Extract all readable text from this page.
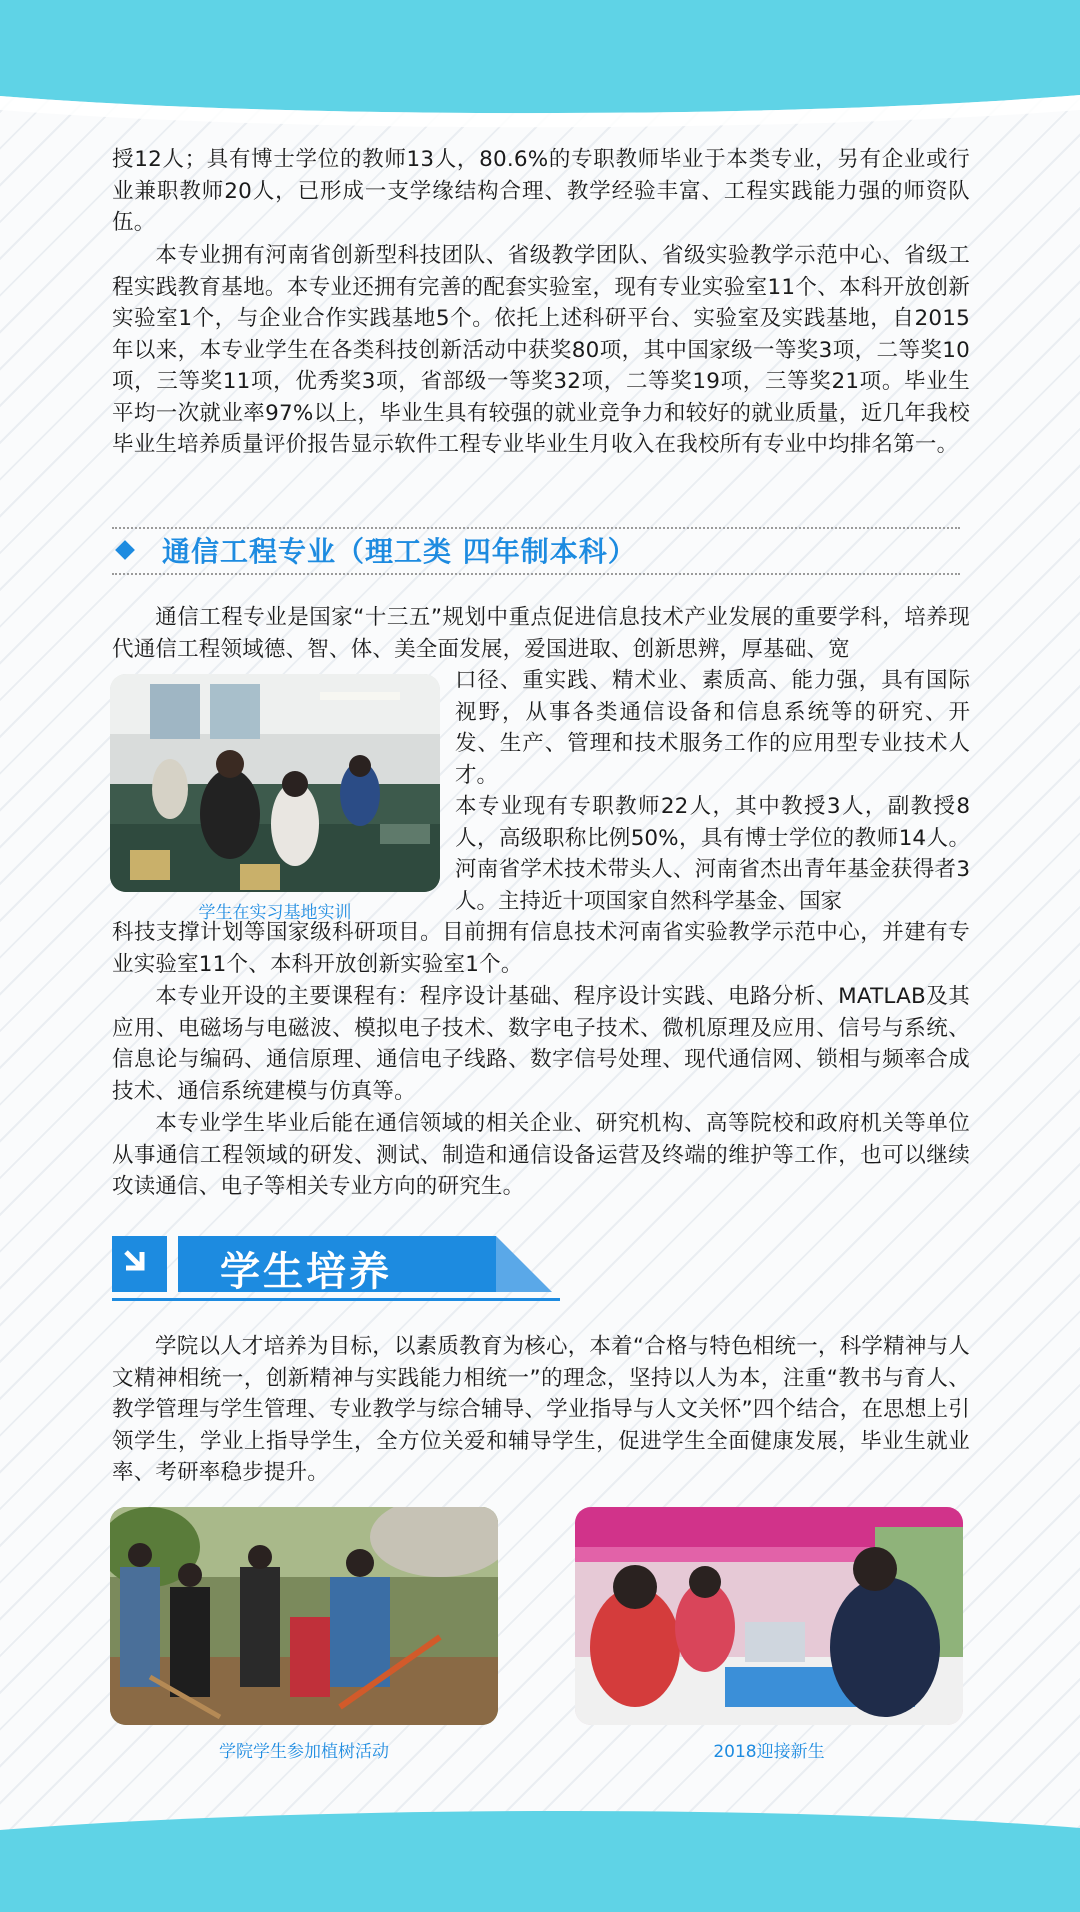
授12人；具有博士学位的教师13人，80.6%的专职教师毕业于本类专业，另有企业或行业兼职教师20人，已形成一支学缘结构合理、教学经验丰富、工程实践能力强的师资队伍。

本专业拥有河南省创新型科技团队、省级教学团队、省级实验教学示范中心、省级工程实践教育基地。本专业还拥有完善的配套实验室，现有专业实验室11个、本科开放创新实验室1个，与企业合作实践基地5个。依托上述科研平台、实验室及实践基地，自2015年以来，本专业学生在各类科技创新活动中获奖80项，其中国家级一等奖3项，二等奖10项，三等奖11项，优秀奖3项，省部级一等奖32项，二等奖19项，三等奖21项。毕业生平均一次就业率97%以上，毕业生具有较强的就业竞争力和较好的就业质量，近几年我校毕业生培养质量评价报告显示软件工程专业毕业生月收入在我校所有专业中均排名第一。

通信工程专业（理工类 四年制本科）

通信工程专业是国家“十三五”规划中重点促进信息技术产业发展的重要学科，培养现代通信工程领域德、智、体、美全面发展，爱国进取、创新思辨，厚基础、宽

学生在实习基地实训

口径、重实践、精术业、素质高、能力强，具有国际视野，从事各类通信设备和信息系统等的研究、开发、生产、管理和技术服务工作的应用型专业技术人才。

本专业现有专职教师22人，其中教授3人，副教授8人，高级职称比例50%，具有博士学位的教师14人。河南省学术技术带头人、河南省杰出青年基金获得者3人。主持近十项国家自然科学基金、国家

科技支撑计划等国家级科研项目。目前拥有信息技术河南省实验教学示范中心，并建有专业实验室11个、本科开放创新实验室1个。

本专业开设的主要课程有：程序设计基础、程序设计实践、电路分析、MATLAB及其应用、电磁场与电磁波、模拟电子技术、数字电子技术、微机原理及应用、信号与系统、信息论与编码、通信原理、通信电子线路、数字信号处理、现代通信网、锁相与频率合成技术、通信系统建模与仿真等。

本专业学生毕业后能在通信领域的相关企业、研究机构、高等院校和政府机关等单位从事通信工程领域的研发、测试、制造和通信设备运营及终端的维护等工作，也可以继续攻读通信、电子等相关专业方向的研究生。

学生培养

学院以人才培养为目标，以素质教育为核心，本着“合格与特色相统一，科学精神与人文精神相统一，创新精神与实践能力相统一”的理念，坚持以人为本，注重“教书与育人、教学管理与学生管理、专业教学与综合辅导、学业指导与人文关怀”四个结合，在思想上引领学生，学业上指导学生，全方位关爱和辅导学生，促进学生全面健康发展，毕业生就业率、考研率稳步提升。

学院学生参加植树活动	2018迎接新生
